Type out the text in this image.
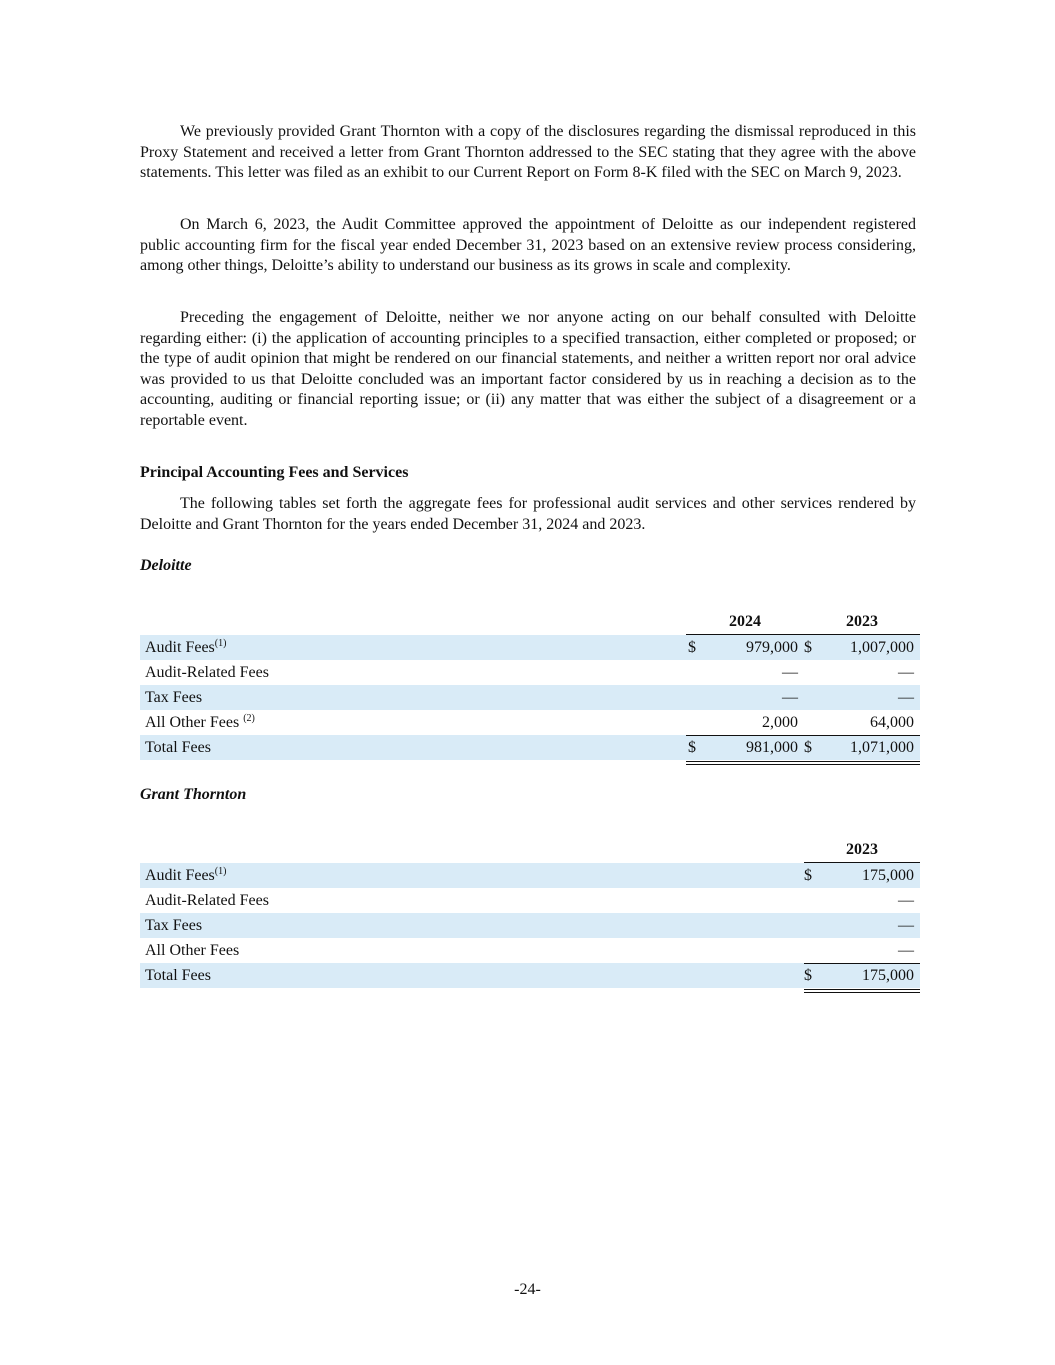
We previously provided Grant Thornton with a copy of the disclosures regarding the dismissal reproduced in this Proxy Statement and received a letter from Grant Thornton addressed to the SEC stating that they agree with the above statements. This letter was filed as an exhibit to our Current Report on Form 8-K filed with the SEC on March 9, 2023.

On March 6, 2023, the Audit Committee approved the appointment of Deloitte as our independent registered public accounting firm for the fiscal year ended December 31, 2023 based on an extensive review process considering, among other things, Deloitte’s ability to understand our business as its grows in scale and complexity.

Preceding the engagement of Deloitte, neither we nor anyone acting on our behalf consulted with Deloitte regarding either: (i) the application of accounting principles to a specified transaction, either completed or proposed; or the type of audit opinion that might be rendered on our financial statements, and neither a written report nor oral advice was provided to us that Deloitte concluded was an important factor considered by us in reaching a decision as to the accounting, auditing or financial reporting issue; or (ii) any matter that was either the subject of a disagreement or a reportable event.

Principal Accounting Fees and Services

The following tables set forth the aggregate fees for professional audit services and other services rendered by Deloitte and Grant Thornton for the years ended December 31, 2024 and 2023.

Deloitte
2024	2023
Audit Fees$^{(1)}$	$	979,000 $	1,007,000
Audit-Related Fees	—	—
Tax Fees	—	—
All Other Fees $^{(2)}$	2,000	64,000
Total Fees	$	981,000 $	1,071,000
Grant Thornton
2023
Audit Fees$^{(1)}$	$	175,000
Audit-Related Fees	—
Tax Fees	—
All Other Fees	—
Total Fees	$	175,000
-24-
